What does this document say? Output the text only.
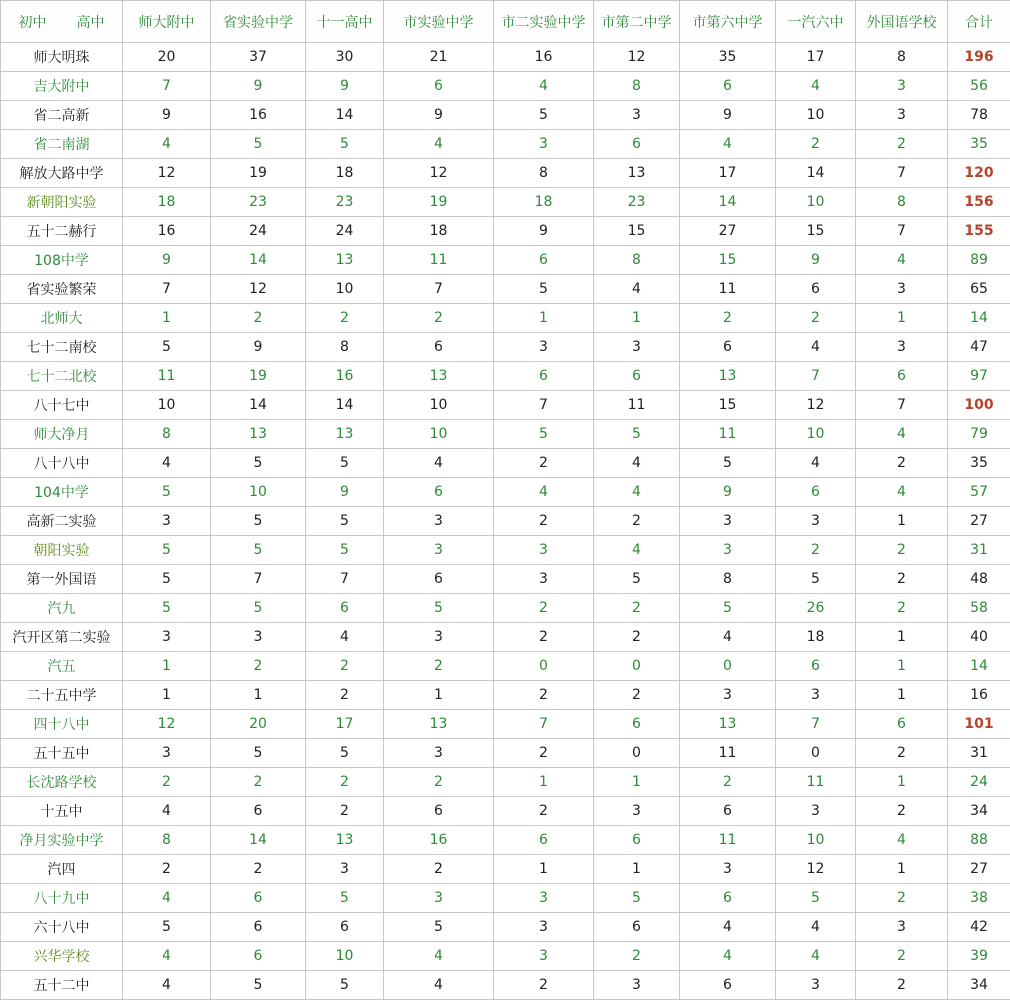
初中 高中	师大附中	省实验中学	十一高中	市实验中学	市二实验中学	市第二中学	市第六中学	一汽六中	外国语学校	合计
师大明珠	20	37	30	21	16	12	35	17	8	196
吉大附中	7	9	9	6	4	8	6	4	3	56
省二高新	9	16	14	9	5	3	9	10	3	78
省二南湖	4	5	5	4	3	6	4	2	2	35
解放大路中学	12	19	18	12	8	13	17	14	7	120
新朝阳实验	18	23	23	19	18	23	14	10	8	156
五十二赫行	16	24	24	18	9	15	27	15	7	155
108中学	9	14	13	11	6	8	15	9	4	89
省实验繁荣	7	12	10	7	5	4	11	6	3	65
北师大	1	2	2	2	1	1	2	2	1	14
七十二南校	5	9	8	6	3	3	6	4	3	47
七十二北校	11	19	16	13	6	6	13	7	6	97
八十七中	10	14	14	10	7	11	15	12	7	100
师大净月	8	13	13	10	5	5	11	10	4	79
八十八中	4	5	5	4	2	4	5	4	2	35
104中学	5	10	9	6	4	4	9	6	4	57
高新二实验	3	5	5	3	2	2	3	3	1	27
朝阳实验	5	5	5	3	3	4	3	2	2	31
第一外国语	5	7	7	6	3	5	8	5	2	48
汽九	5	5	6	5	2	2	5	26	2	58
汽开区第二实验	3	3	4	3	2	2	4	18	1	40
汽五	1	2	2	2	0	0	0	6	1	14
二十五中学	1	1	2	1	2	2	3	3	1	16
四十八中	12	20	17	13	7	6	13	7	6	101
五十五中	3	5	5	3	2	0	11	0	2	31
长沈路学校	2	2	2	2	1	1	2	11	1	24
十五中	4	6	2	6	2	3	6	3	2	34
净月实验中学	8	14	13	16	6	6	11	10	4	88
汽四	2	2	3	2	1	1	3	12	1	27
八十九中	4	6	5	3	3	5	6	5	2	38
六十八中	5	6	6	5	3	6	4	4	3	42
兴华学校	4	6	10	4	3	2	4	4	2	39
五十二中	4	5	5	4	2	3	6	3	2	34
